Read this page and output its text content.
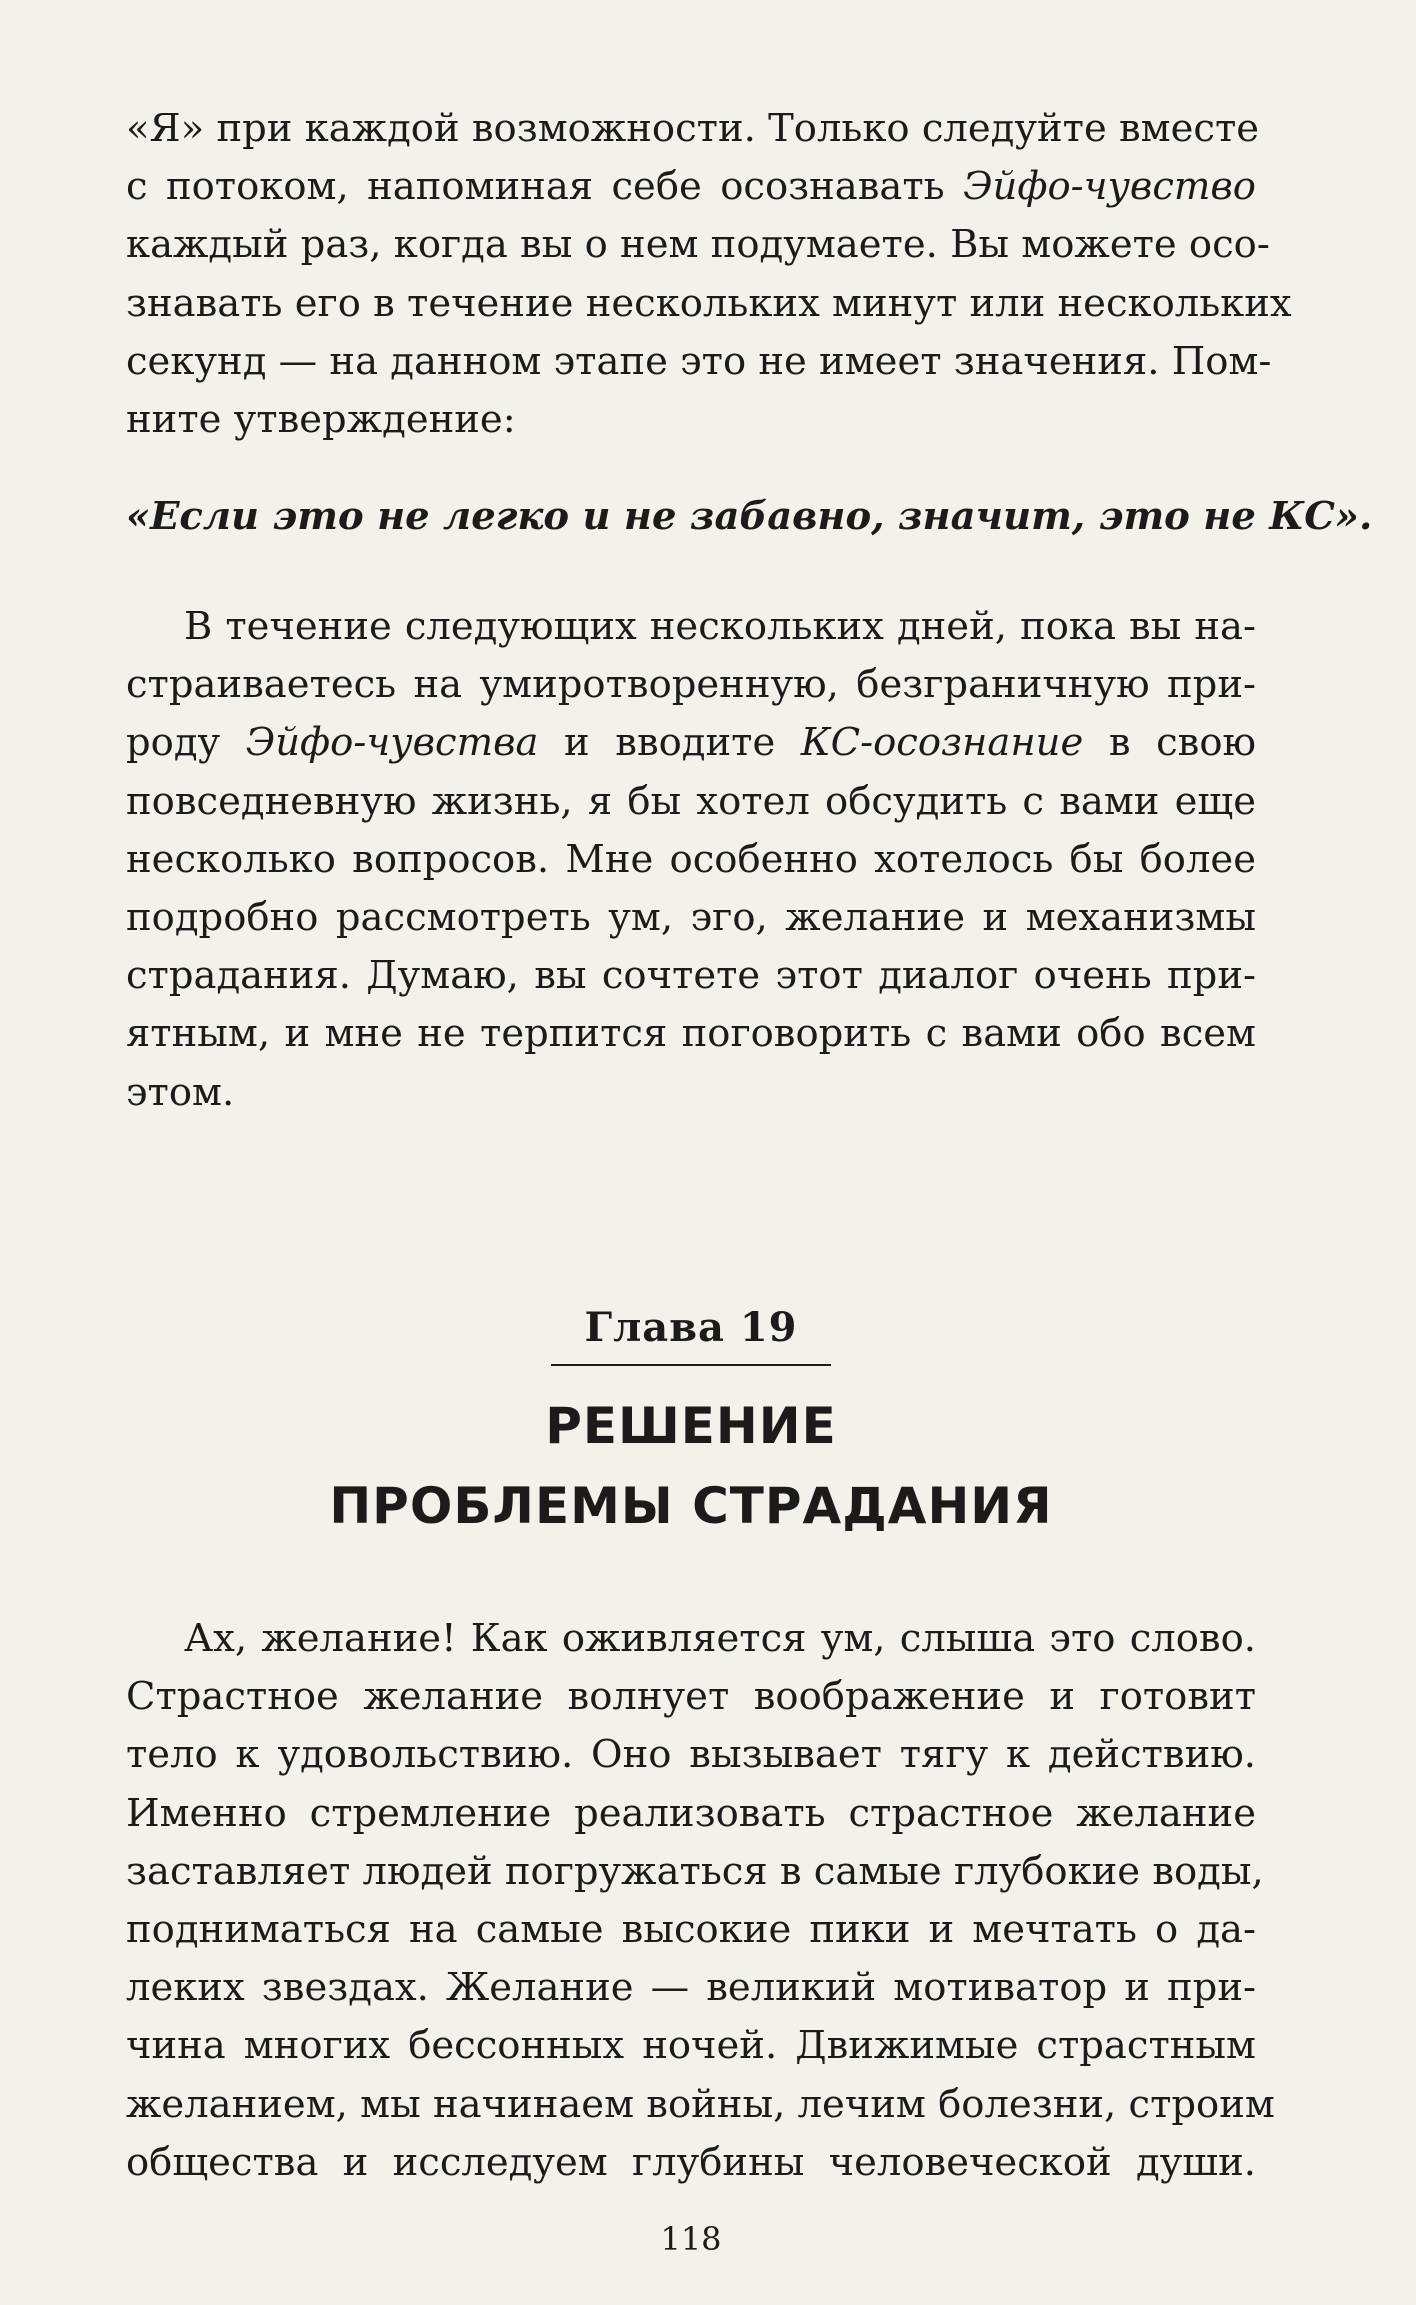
«Я» при каждой возможности. Только следуйте вместе
с потоком, напоминая себе осознавать Эйфо-чувство
каждый раз, когда вы о нем подумаете. Вы можете осо-
знавать его в течение нескольких минут или нескольких
секунд — на данном этапе это не имеет значения. Пом-
ните утверждение:

«Если это не легко и не забавно, значит, это не КС».

В течение следующих нескольких дней, пока вы на-
страиваетесь на умиротворенную, безграничную при-
роду Эйфо-чувства и вводите КС-осознание в свою
повседневную жизнь, я бы хотел обсудить с вами еще
несколько вопросов. Мне особенно хотелось бы более
подробно рассмотреть ум, эго, желание и механизмы
страдания. Думаю, вы сочтете этот диалог очень при-
ятным, и мне не терпится поговорить с вами обо всем
этом.
Глава 19
РЕШЕНИЕ
ПРОБЛЕМЫ СТРАДАНИЯ
Ах, желание! Как оживляется ум, слыша это слово.
Страстное желание волнует воображение и готовит
тело к удовольствию. Оно вызывает тягу к действию.
Именно стремление реализовать страстное желание
заставляет людей погружаться в самые глубокие воды,
подниматься на самые высокие пики и мечтать о да-
леких звездах. Желание — великий мотиватор и при-
чина многих бессонных ночей. Движимые страстным
желанием, мы начинаем войны, лечим болезни, строим
общества и исследуем глубины человеческой души.
118
